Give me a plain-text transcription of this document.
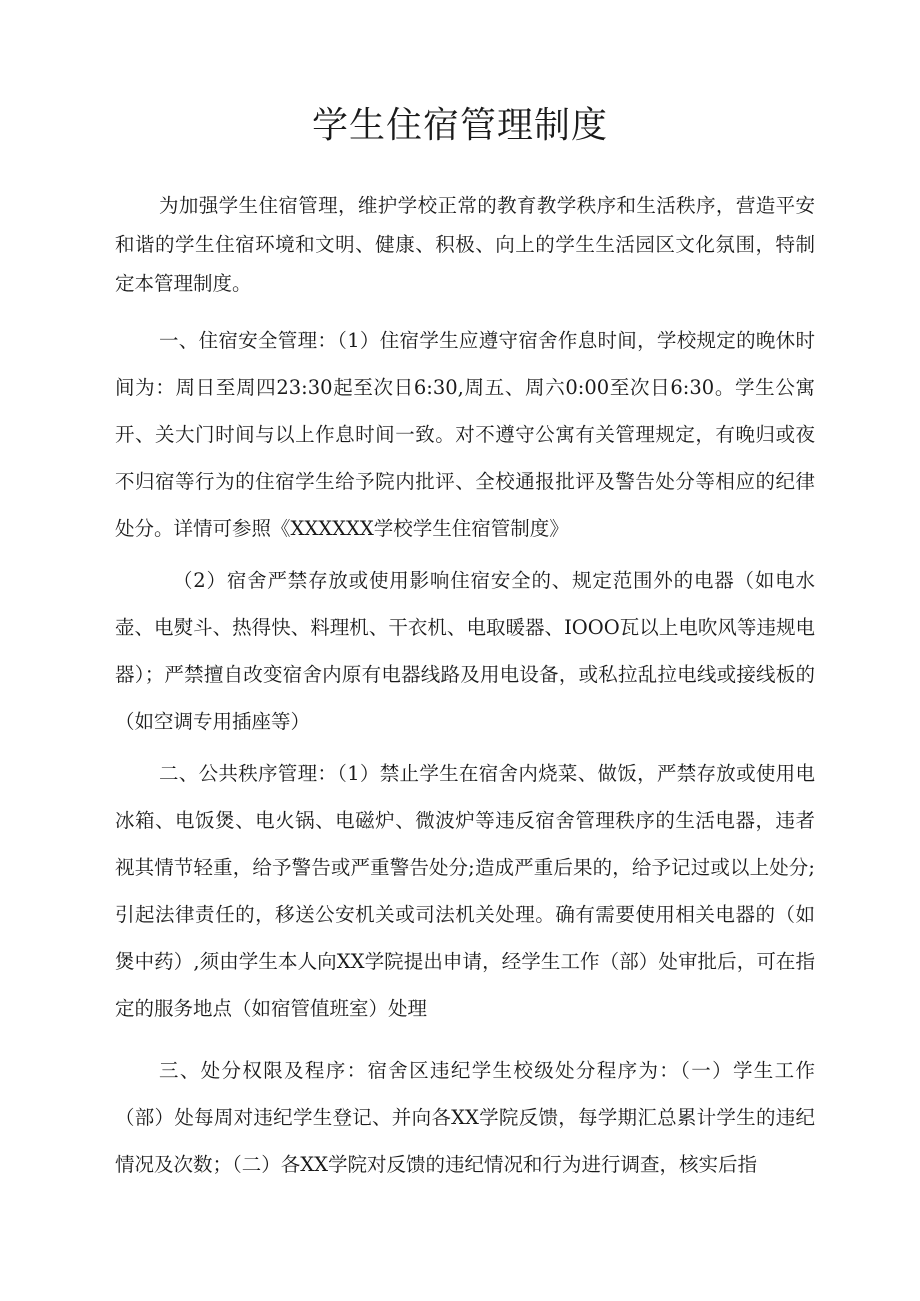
学生住宿管理制度

为加强学生住宿管理，维护学校正常的教育教学秩序和生活秩序，营造平安和谐的学生住宿环境和文明、健康、积极、向上的学生生活园区文化氛围，特制定本管理制度。

一、住宿安全管理：（1）住宿学生应遵守宿舍作息时间，学校规定的晚休时间为：周日至周四23:30起至次日6:30,周五、周六0:00至次日6:30。学生公寓开、关大门时间与以上作息时间一致。对不遵守公寓有关管理规定，有晚归或夜不归宿等行为的住宿学生给予院内批评、全校通报批评及警告处分等相应的纪律处分。详情可参照《XXXXXX学校学生住宿管制度》

（2）宿舍严禁存放或使用影响住宿安全的、规定范围外的电器（如电水壶、电熨斗、热得快、料理机、干衣机、电取暖器、IOOO瓦以上电吹风等违规电器）；严禁擅自改变宿舍内原有电器线路及用电设备，或私拉乱拉电线或接线板的（如空调专用插座等）

二、公共秩序管理：（1）禁止学生在宿舍内烧菜、做饭，严禁存放或使用电冰箱、电饭煲、电火锅、电磁炉、微波炉等违反宿舍管理秩序的生活电器，违者视其情节轻重，给予警告或严重警告处分;造成严重后果的，给予记过或以上处分;引起法律责任的，移送公安机关或司法机关处理。确有需要使用相关电器的（如煲中药）,须由学生本人向XX学院提出申请，经学生工作（部）处审批后，可在指定的服务地点（如宿管值班室）处理

三、处分权限及程序：宿舍区违纪学生校级处分程序为：（一）学生工作（部）处每周对违纪学生登记、并向各XX学院反馈，每学期汇总累计学生的违纪情况及次数；（二）各XX学院对反馈的违纪情况和行为进行调查，核实后指
